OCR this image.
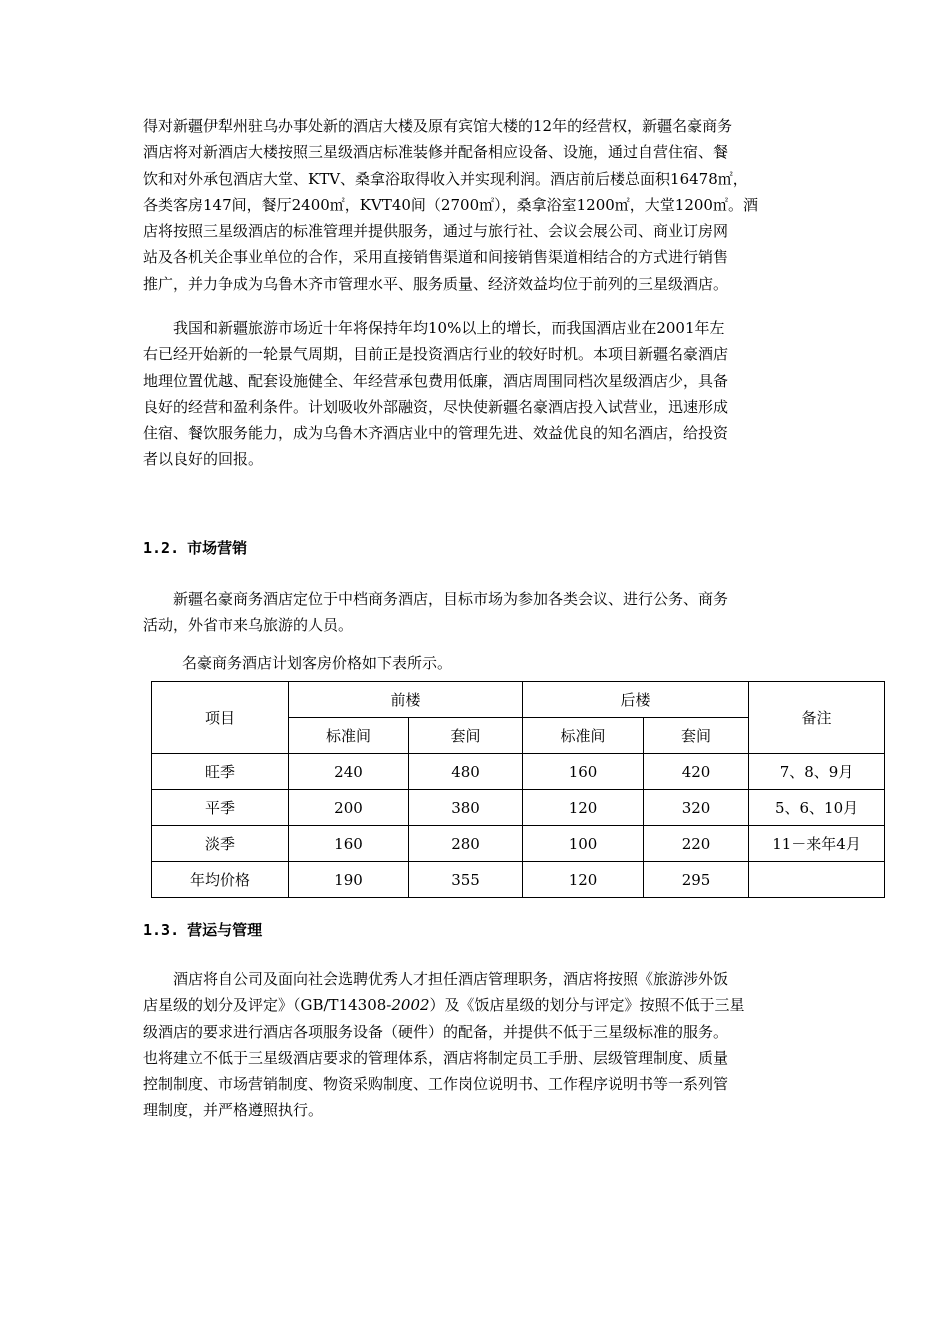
得对新疆伊犁州驻乌办事处新的酒店大楼及原有宾馆大楼的12年的经营权，新疆名豪商务
酒店将对新酒店大楼按照三星级酒店标准装修并配备相应设备、设施，通过自营住宿、餐
饮和对外承包酒店大堂、KTV、桑拿浴取得收入并实现利润。酒店前后楼总面积16478㎡，
各类客房147间，餐厅2400㎡，KVT40间（2700㎡），桑拿浴室1200㎡，大堂1200㎡。酒
店将按照三星级酒店的标准管理并提供服务，通过与旅行社、会议会展公司、商业订房网
站及各机关企事业单位的合作，采用直接销售渠道和间接销售渠道相结合的方式进行销售
推广，并力争成为乌鲁木齐市管理水平、服务质量、经济效益均位于前列的三星级酒店。
我国和新疆旅游市场近十年将保持年均10%以上的增长，而我国酒店业在2001年左
右已经开始新的一轮景气周期，目前正是投资酒店行业的较好时机。本项目新疆名豪酒店
地理位置优越、配套设施健全、年经营承包费用低廉，酒店周围同档次星级酒店少，具备
良好的经营和盈利条件。计划吸收外部融资，尽快使新疆名豪酒店投入试营业，迅速形成
住宿、餐饮服务能力，成为乌鲁木齐酒店业中的管理先进、效益优良的知名酒店，给投资
者以良好的回报。
1.2. 市场营销
新疆名豪商务酒店定位于中档商务酒店，目标市场为参加各类会议、进行公务、商务
活动，外省市来乌旅游的人员。

名豪商务酒店计划客房价格如下表所示。

项目	前楼		后楼		备注
	标准间	套间	标准间	套间	
旺季	240	480	160	420	7、8、9月
平季	200	380	120	320	5、6、10月
淡季	160	280	100	220	11－来年4月
年均价格	190	355	120	295	
1.3. 营运与管理
酒店将自公司及面向社会选聘优秀人才担任酒店管理职务，酒店将按照《旅游涉外饭
店星级的划分及评定》（GB/T14308-2002）及《饭店星级的划分与评定》按照不低于三星
级酒店的要求进行酒店各项服务设备（硬件）的配备，并提供不低于三星级标准的服务。
也将建立不低于三星级酒店要求的管理体系，酒店将制定员工手册、层级管理制度、质量
控制制度、市场营销制度、物资采购制度、工作岗位说明书、工作程序说明书等一系列管
理制度，并严格遵照执行。
